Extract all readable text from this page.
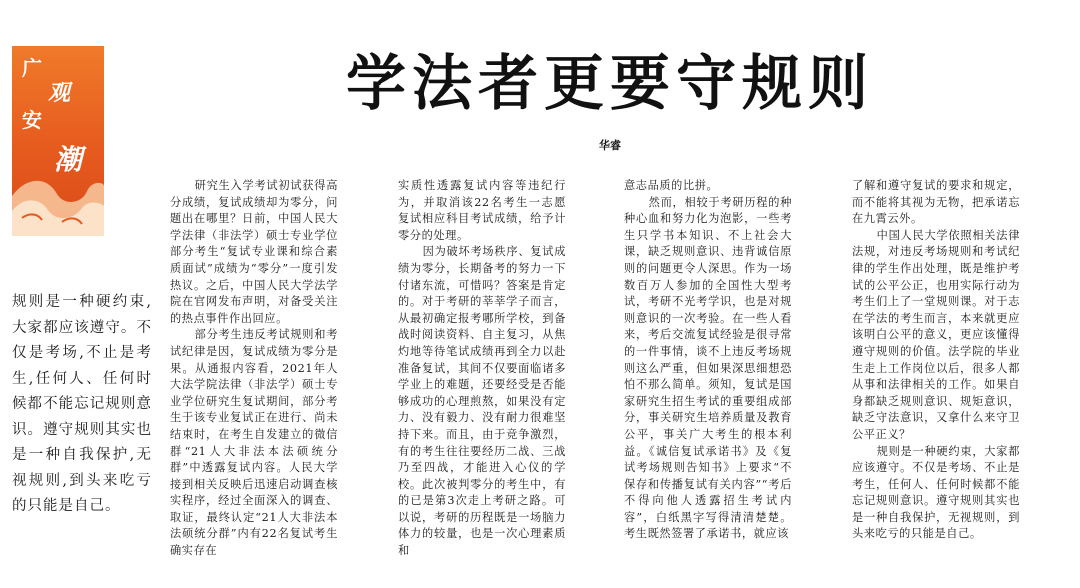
广
安
观
潮
学法者更要守规则
华睿

规则是一种硬约束,大家都应该遵守。不仅是考场,不止是考生,任何人、任何时候都不能忘记规则意识。遵守规则其实也是一种自我保护,无视规则,到头来吃亏的只能是自己。

研究生入学考试初试获得高分成绩，复试成绩却为零分，问题出在哪里？日前，中国人民大学法律（非法学）硕士专业学位部分考生“复试专业课和综合素质面试”成绩为“零分”一度引发热议。之后，中国人民大学法学院在官网发布声明，对备受关注的热点事件作出回应。

部分考生违反考试规则和考试纪律是因，复试成绩为零分是果。从通报内容看，2021年人大法学院法律（非法学）硕士专业学位研究生复试期间，部分考生于该专业复试正在进行、尚未结束时，在考生自发建立的微信群“21人大非法本法硕统分群”中透露复试内容。人民大学接到相关反映后迅速启动调查核实程序，经过全面深入的调查、取证，最终认定“21人大非法本法硕统分群”内有22名复试考生确实存在

实质性透露复试内容等违纪行为，并取消该22名考生一志愿复试相应科目考试成绩，给予计零分的处理。

因为破坏考场秩序、复试成绩为零分，长期备考的努力一下付诸东流，可惜吗？答案是肯定的。对于考研的莘莘学子而言，从最初确定报考哪所学校，到备战时阅读资料、自主复习，从焦灼地等待笔试成绩再到全力以赴准备复试，其间不仅要面临诸多学业上的难题，还要经受是否能够成功的心理煎熬，如果没有定力、没有毅力、没有耐力很难坚持下来。而且，由于竞争激烈，有的考生往往要经历二战、三战乃至四战，才能进入心仪的学校。此次被判零分的考生中，有的已是第3次走上考研之路。可以说，考研的历程既是一场脑力体力的较量，也是一次心理素质和

意志品质的比拼。

然而，相较于考研历程的种种心血和努力化为泡影，一些考生只学书本知识、不上社会大课，缺乏规则意识、违背诚信原则的问题更令人深思。作为一场数百万人参加的全国性大型考试，考研不光考学识，也是对规则意识的一次考验。在一些人看来，考后交流复试经验是很寻常的一件事情，谈不上违反考场规则这么严重，但如果深思细想恐怕不那么简单。须知，复试是国家研究生招生考试的重要组成部分，事关研究生培养质量及教育公平，事关广大考生的根本利益。《诚信复试承诺书》及《复试考场规则告知书》上要求“不保存和传播复试有关内容”“考后不得向他人透露招生考试内容”，白纸黑字写得清清楚楚。考生既然签署了承诺书，就应该

了解和遵守复试的要求和规定，而不能将其视为无物，把承诺忘在九霄云外。

中国人民大学依照相关法律法规，对违反考场规则和考试纪律的学生作出处理，既是维护考试的公平公正，也用实际行动为考生们上了一堂规则课。对于志在学法的考生而言，本来就更应该明白公平的意义，更应该懂得遵守规则的价值。法学院的毕业生走上工作岗位以后，很多人都从事和法律相关的工作。如果自身都缺乏规则意识、规矩意识，缺乏守法意识，又拿什么来守卫公平正义？

规则是一种硬约束，大家都应该遵守。不仅是考场、不止是考生，任何人、任何时候都不能忘记规则意识。遵守规则其实也是一种自我保护，无视规则，到头来吃亏的只能是自己。
